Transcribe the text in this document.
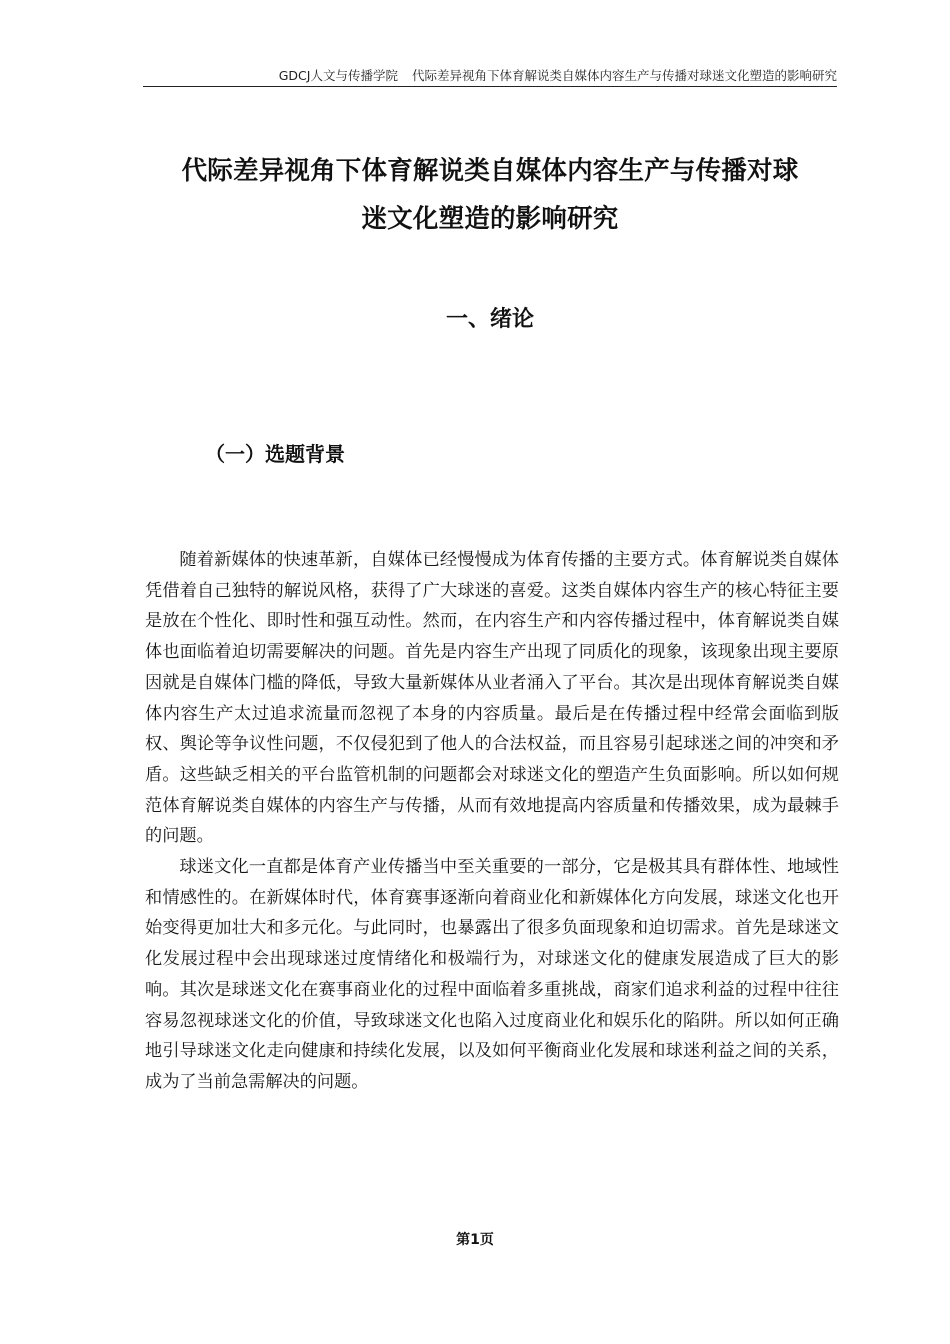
GDCJ人文与传播学院 代际差异视角下体育解说类自媒体内容生产与传播对球迷文化塑造的影响研究
代际差异视角下体育解说类自媒体内容生产与传播对球
迷文化塑造的影响研究
一、绪论
（一）选题背景

随着新媒体的快速革新，自媒体已经慢慢成为体育传播的主要方式。体育解说类自媒体凭借着自己独特的解说风格，获得了广大球迷的喜爱。这类自媒体内容生产的核心特征主要是放在个性化、即时性和强互动性。然而，在内容生产和内容传播过程中，体育解说类自媒体也面临着迫切需要解决的问题。首先是内容生产出现了同质化的现象，该现象出现主要原因就是自媒体门槛的降低，导致大量新媒体从业者涌入了平台。其次是出现体育解说类自媒体内容生产太过追求流量而忽视了本身的内容质量。最后是在传播过程中经常会面临到版权、舆论等争议性问题，不仅侵犯到了他人的合法权益，而且容易引起球迷之间的冲突和矛盾。这些缺乏相关的平台监管机制的问题都会对球迷文化的塑造产生负面影响。所以如何规范体育解说类自媒体的内容生产与传播，从而有效地提高内容质量和传播效果，成为最棘手的问题。

球迷文化一直都是体育产业传播当中至关重要的一部分，它是极其具有群体性、地域性和情感性的。在新媒体时代，体育赛事逐渐向着商业化和新媒体化方向发展，球迷文化也开始变得更加壮大和多元化。与此同时，也暴露出了很多负面现象和迫切需求。首先是球迷文化发展过程中会出现球迷过度情绪化和极端行为，对球迷文化的健康发展造成了巨大的影响。其次是球迷文化在赛事商业化的过程中面临着多重挑战，商家们追求利益的过程中往往容易忽视球迷文化的价值，导致球迷文化也陷入过度商业化和娱乐化的陷阱。所以如何正确地引导球迷文化走向健康和持续化发展，以及如何平衡商业化发展和球迷利益之间的关系，成为了当前急需解决的问题。

第1页
